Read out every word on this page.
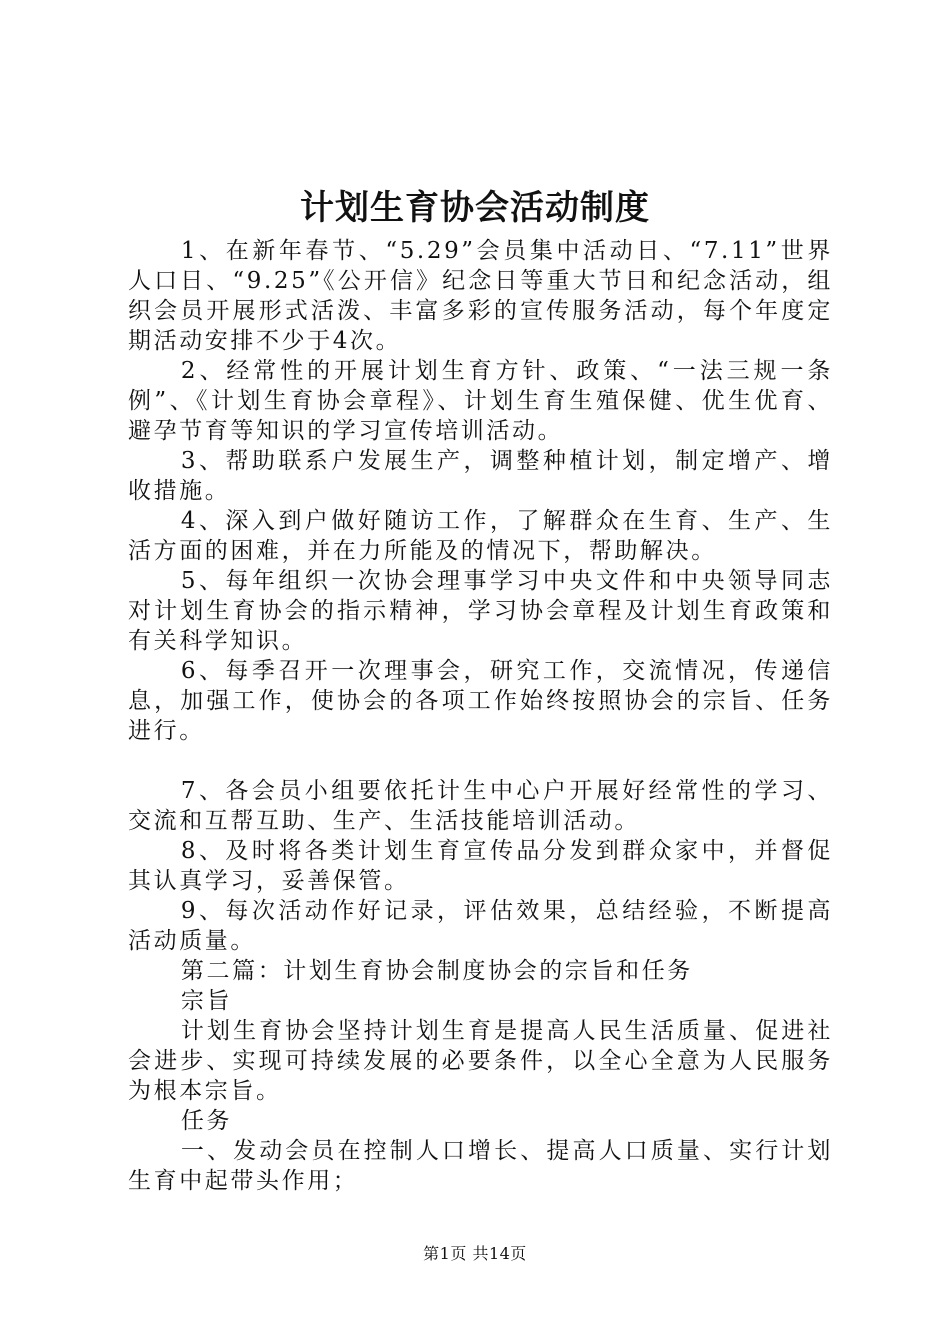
计划生育协会活动制度

1、在新年春节、“5.29”会员集中活动日、“7.11”世界人口日、“9.25”《公开信》纪念日等重大节日和纪念活动，组织会员开展形式活泼、丰富多彩的宣传服务活动，每个年度定期活动安排不少于4次。

2、经常性的开展计划生育方针、政策、“一法三规一条例”、《计划生育协会章程》、计划生育生殖保健、优生优育、避孕节育等知识的学习宣传培训活动。

3、帮助联系户发展生产，调整种植计划，制定增产、增收措施。

4、深入到户做好随访工作，了解群众在生育、生产、生活方面的困难，并在力所能及的情况下，帮助解决。

5、每年组织一次协会理事学习中央文件和中央领导同志对计划生育协会的指示精神，学习协会章程及计划生育政策和有关科学知识。

6、每季召开一次理事会，研究工作，交流情况，传递信息，加强工作，使协会的各项工作始终按照协会的宗旨、任务进行。

7、各会员小组要依托计生中心户开展好经常性的学习、交流和互帮互助、生产、生活技能培训活动。

8、及时将各类计划生育宣传品分发到群众家中，并督促其认真学习，妥善保管。

9、每次活动作好记录，评估效果，总结经验，不断提高活动质量。

第二篇：计划生育协会制度协会的宗旨和任务

宗旨

计划生育协会坚持计划生育是提高人民生活质量、促进社会进步、实现可持续发展的必要条件，以全心全意为人民服务为根本宗旨。

任务

一、发动会员在控制人口增长、提高人口质量、实行计划生育中起带头作用；

第1页 共14页
